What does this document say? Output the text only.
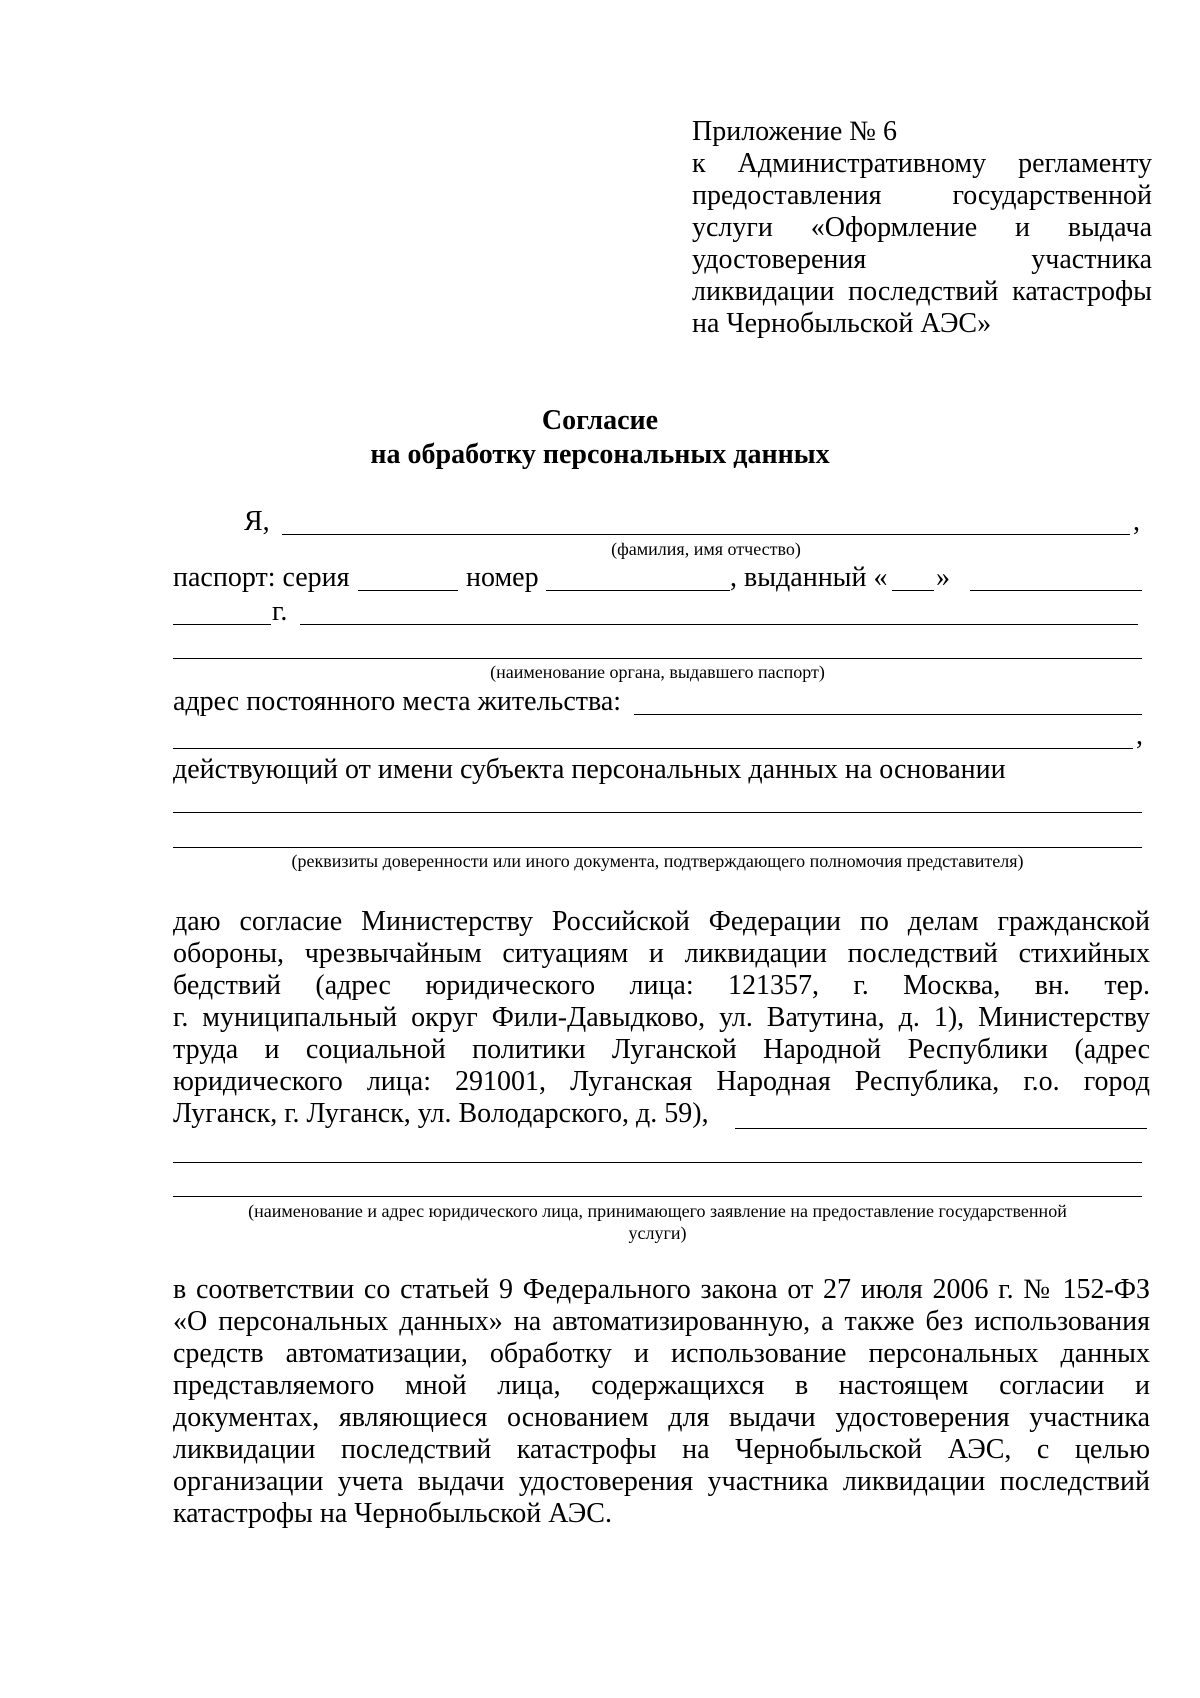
Приложение № 6
к Административному регламенту
предоставления государственной
услуги «Оформление и выдача
удостоверения участника
ликвидации последствий катастрофы
на Чернобыльской АЭС»
Согласие
на обработку персональных данных
Я,	,
(фамилия, имя отчество)
паспорт: серия	номер	, выданный « »
г.
(наименование органа, выдавшего паспорт)
адрес постоянного места жительства:
,
действующий от имени субъекта персональных данных на основании
(реквизиты доверенности или иного документа, подтверждающего полномочия представителя)
даю согласие Министерству Российской Федерации по делам гражданской
обороны, чрезвычайным ситуациям и ликвидации последствий стихийных
бедствий (адрес юридического лица: 121357, г. Москва, вн. тер.
г. муниципальный округ Фили-Давыдково, ул. Ватутина, д. 1), Министерству
труда и социальной политики Луганской Народной Республики (адрес
юридического лица: 291001, Луганская Народная Республика, г.о. город
Луганск, г. Луганск, ул. Володарского, д. 59),
(наименование и адрес юридического лица, принимающего заявление на предоставление государственной
услуги)
в соответствии со статьей 9 Федерального закона от 27 июля 2006 г. № 152-ФЗ
«О персональных данных» на автоматизированную, а также без использования
средств автоматизации, обработку и использование персональных данных
представляемого мной лица, содержащихся в настоящем согласии и
документах, являющиеся основанием для выдачи удостоверения участника
ликвидации последствий катастрофы на Чернобыльской АЭС, с целью
организации учета выдачи удостоверения участника ликвидации последствий
катастрофы на Чернобыльской АЭС.
